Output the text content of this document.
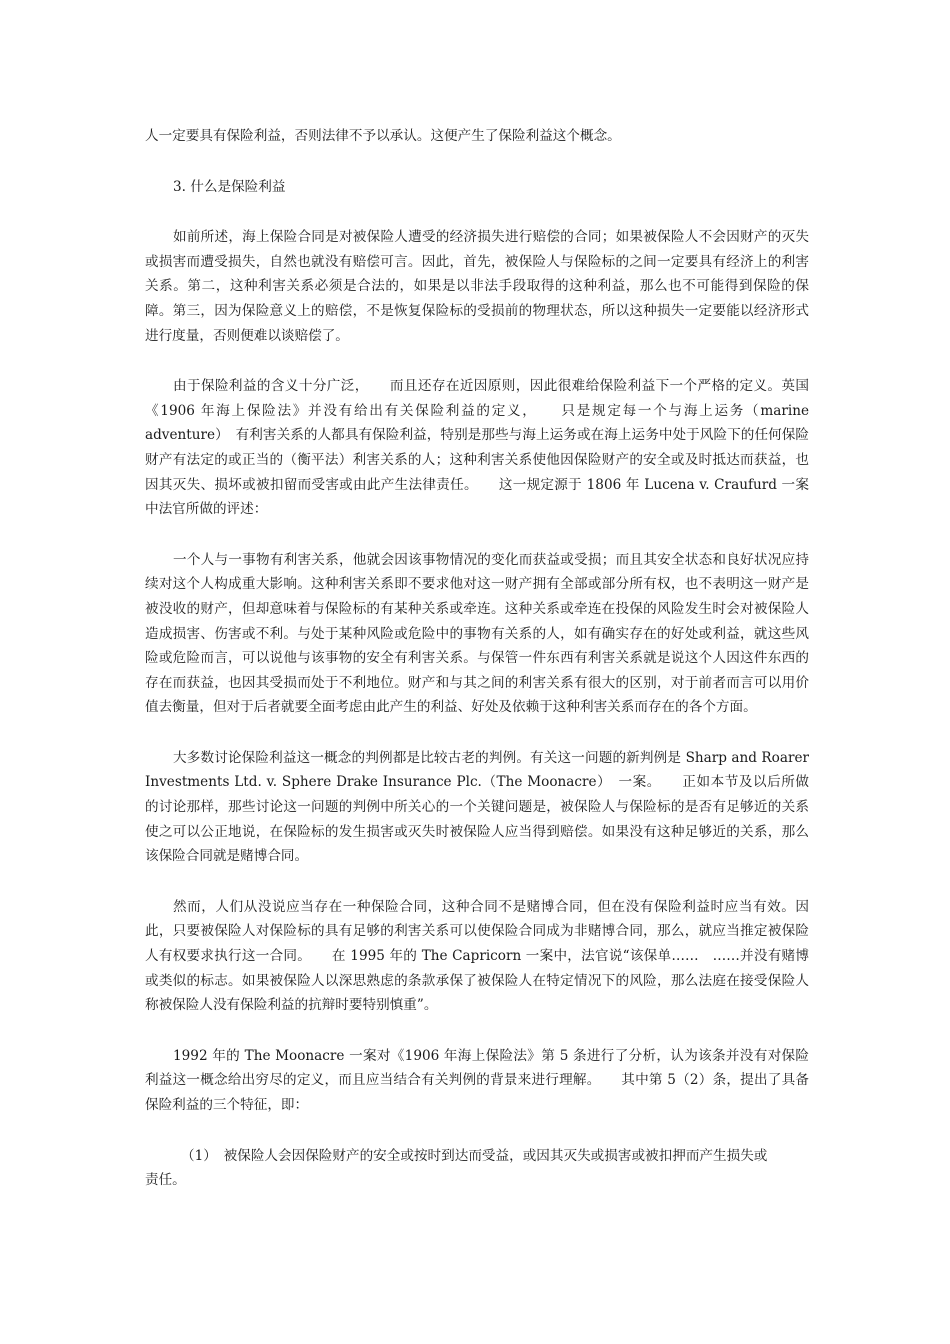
人一定要具有保险利益，否则法律不予以承认。这便产生了保险利益这个概念。

3. 什么是保险利益

如前所述，海上保险合同是对被保险人遭受的经济损失进行赔偿的合同；如果被保险人不会因财产的灭失或损害而遭受损失，自然也就没有赔偿可言。因此，首先，被保险人与保险标的之间一定要具有经济上的利害关系。第二，这种利害关系必须是合法的，如果是以非法手段取得的这种利益，那么也不可能得到保险的保障。第三，因为保险意义上的赔偿，不是恢复保险标的受损前的物理状态，所以这种损失一定要能以经济形式进行度量，否则便难以谈赔偿了。

由于保险利益的含义十分广泛，　　而且还存在近因原则，因此很难给保险利益下一个严格的定义。英国《1906 年海上保险法》并没有给出有关保险利益的定义，　　只是规定每一个与海上运务（marine adventure）　有利害关系的人都具有保险利益，特别是那些与海上运务或在海上运务中处于风险下的任何保险财产有法定的或正当的（衡平法）利害关系的人；这种利害关系使他因保险财产的安全或及时抵达而获益，也因其灭失、损坏或被扣留而受害或由此产生法律责任。　　这一规定源于 1806 年 Lucena v. Craufurd 一案中法官所做的评述：

一个人与一事物有利害关系，他就会因该事物情况的变化而获益或受损；而且其安全状态和良好状况应持续对这个人构成重大影响。这种利害关系即不要求他对这一财产拥有全部或部分所有权，也不表明这一财产是被没收的财产，但却意味着与保险标的有某种关系或牵连。这种关系或牵连在投保的风险发生时会对被保险人造成损害、伤害或不利。与处于某种风险或危险中的事物有关系的人，如有确实存在的好处或利益，就这些风险或危险而言，可以说他与该事物的安全有利害关系。与保管一件东西有利害关系就是说这个人因这件东西的存在而获益，也因其受损而处于不利地位。财产和与其之间的利害关系有很大的区别，对于前者而言可以用价值去衡量，但对于后者就要全面考虑由此产生的利益、好处及依赖于这种利害关系而存在的各个方面。

大多数讨论保险利益这一概念的判例都是比较古老的判例。有关这一问题的新判例是 Sharp and Roarer Investments Ltd. v. Sphere Drake Insurance Plc.（The Moonacre）　一案。　　正如本节及以后所做的讨论那样，那些讨论这一问题的判例中所关心的一个关键问题是，被保险人与保险标的是否有足够近的关系使之可以公正地说，在保险标的发生损害或灭失时被保险人应当得到赔偿。如果没有这种足够近的关系，那么该保险合同就是赌博合同。

然而，人们从没说应当存在一种保险合同，这种合同不是赌博合同，但在没有保险利益时应当有效。因此，只要被保险人对保险标的具有足够的利害关系可以使保险合同成为非赌博合同，那么，就应当推定被保险人有权要求执行这一合同。　　在 1995 年的 The Capricorn 一案中，法官说“该保单……　……并没有赌博或类似的标志。如果被保险人以深思熟虑的条款承保了被保险人在特定情况下的风险，那么法庭在接受保险人称被保险人没有保险利益的抗辩时要特别慎重”。

1992 年的 The Moonacre 一案对《1906 年海上保险法》第 5 条进行了分析，认为该条并没有对保险利益这一概念给出穷尽的定义，而且应当结合有关判例的背景来进行理解。　　其中第 5（2）条，提出了具备保险利益的三个特征，即：

（1）　被保险人会因保险财产的安全或按时到达而受益，或因其灭失或损害或被扣押而产生损失或

责任。
